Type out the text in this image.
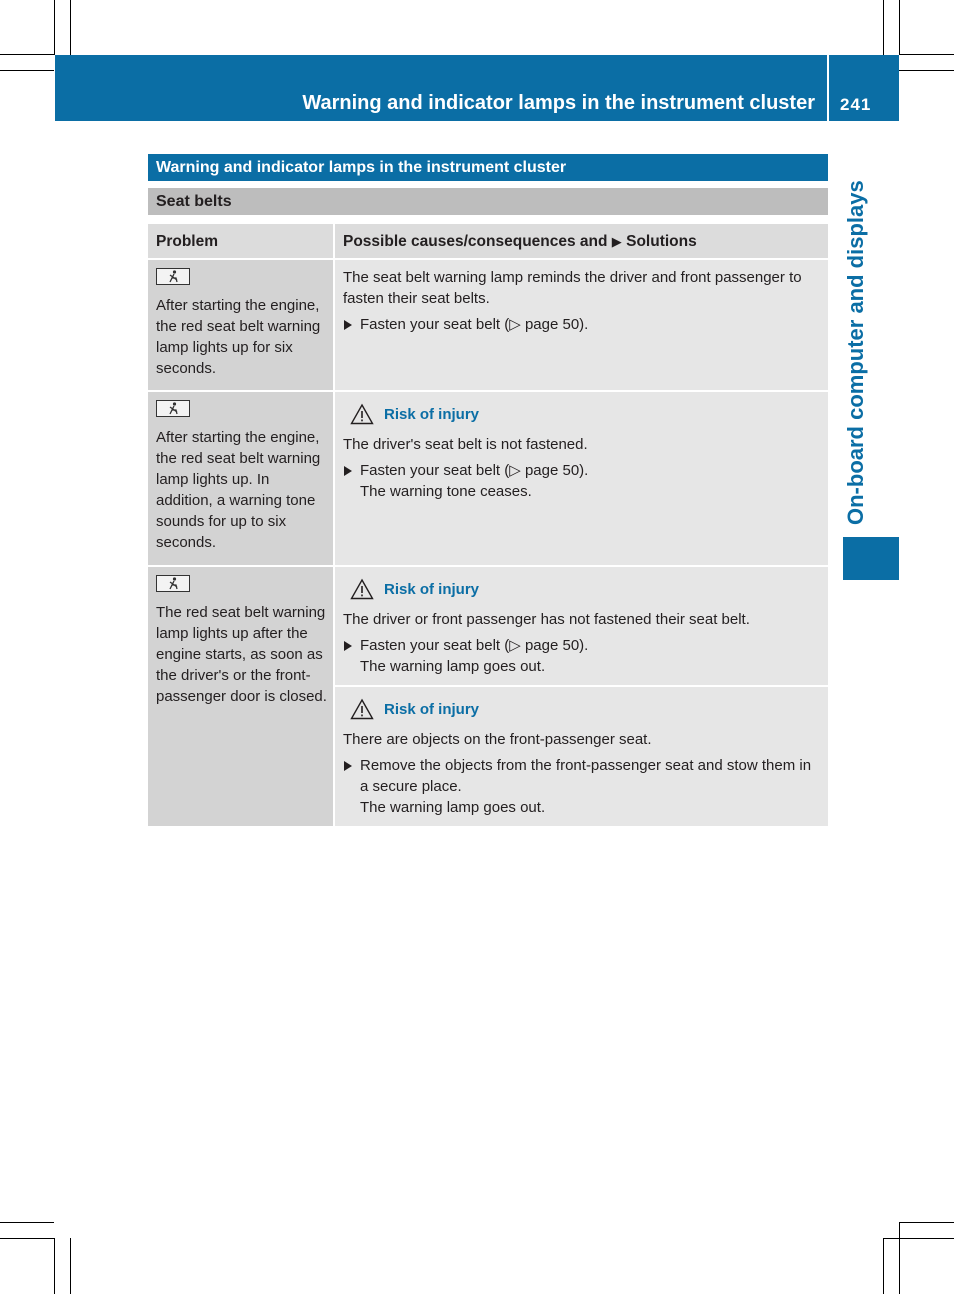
Warning and indicator lamps in the instrument cluster 241
On-board computer and displays
Warning and indicator lamps in the instrument cluster
Seat belts
Problem	Possible causes/consequences and ▶ Solutions

After starting the engine, the red seat belt warning lamp lights up for six seconds.	The seat belt warning lamp reminds the driver and front passenger to fasten their seat belts.

Fasten your seat belt (▷ page 50).

After starting the engine, the red seat belt warning lamp lights up. In addition, a warning tone sounds for up to six seconds.	Risk of injury

The driver's seat belt is not fastened.

Fasten your seat belt (▷ page 50).
The warning tone ceases.

The red seat belt warning lamp lights up after the engine starts, as soon as the driver's or the front-passenger door is closed.	Risk of injury

The driver or front passenger has not fastened their seat belt.

Fasten your seat belt (▷ page 50).
The warning lamp goes out.

	Risk of injury

There are objects on the front-passenger seat.

Remove the objects from the front-passenger seat and stow them in a secure place.
The warning lamp goes out.
